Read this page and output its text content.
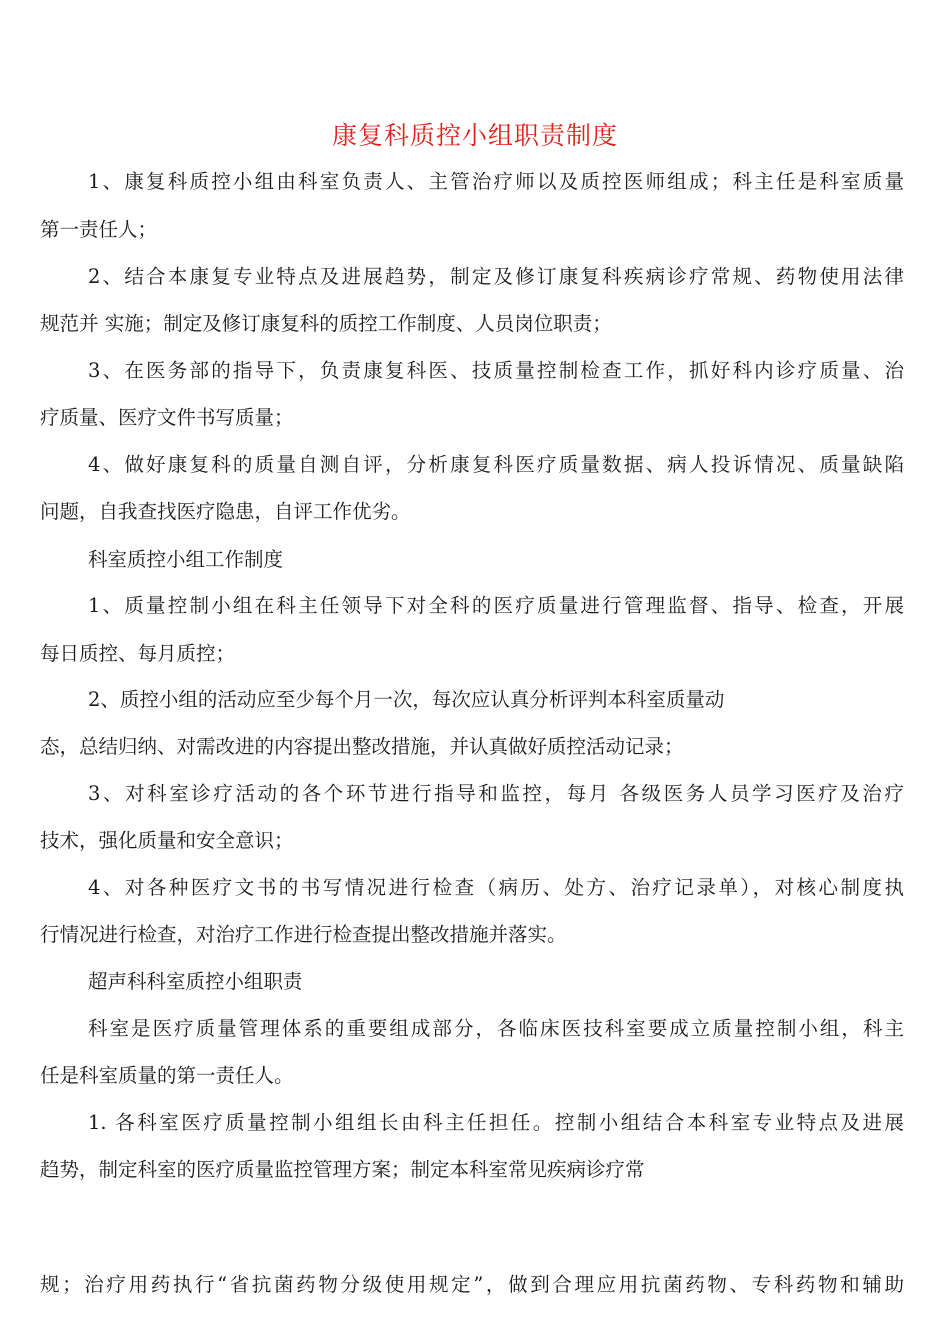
康复科质控小组职责制度

1、康复科质控小组由科室负责人、主管治疗师以及质控医师组成；科主任是科室质量

第一责任人；

2、结合本康复专业特点及进展趋势，制定及修订康复科疾病诊疗常规、药物使用法律

规范并 实施；制定及修订康复科的质控工作制度、人员岗位职责；

3、在医务部的指导下，负责康复科医、技质量控制检查工作，抓好科内诊疗质量、治

疗质量、医疗文件书写质量；

4、做好康复科的质量自测自评，分析康复科医疗质量数据、病人投诉情况、质量缺陷

问题，自我查找医疗隐患，自评工作优劣。

科室质控小组工作制度

1、质量控制小组在科主任领导下对全科的医疗质量进行管理监督、指导、检查，开展

每日质控、每月质控；

2、质控小组的活动应至少每个月一次，每次应认真分析评判本科室质量动

态，总结归纳、对需改进的内容提出整改措施，并认真做好质控活动记录；

3、对科室诊疗活动的各个环节进行指导和监控，每月 各级医务人员学习医疗及治疗

技术，强化质量和安全意识；

4、对各种医疗文书的书写情况进行检查（病历、处方、治疗记录单），对核心制度执

行情况进行检查，对治疗工作进行检查提出整改措施并落实。

超声科科室质控小组职责

科室是医疗质量管理体系的重要组成部分，各临床医技科室要成立质量控制小组，科主

任是科室质量的第一责任人。

1. 各科室医疗质量控制小组组长由科主任担任。控制小组结合本科室专业特点及进展

趋势，制定科室的医疗质量监控管理方案；制定本科室常见疾病诊疗常

规；治疗用药执行“省抗菌药物分级使用规定”，做到合理应用抗菌药物、专科药物和辅助
